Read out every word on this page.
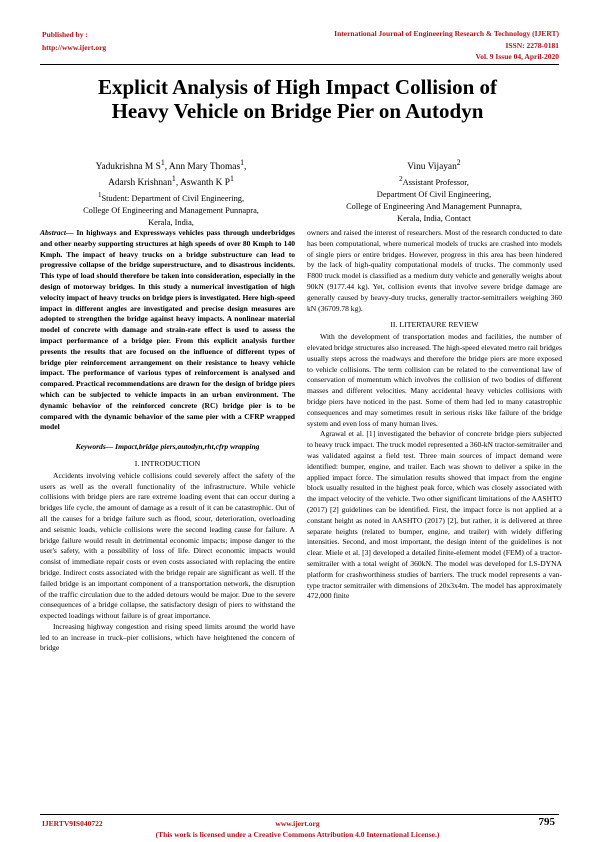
Published by :
http://www.ijert.org
International Journal of Engineering Research & Technology (IJERT)
ISSN: 2278-0181
Vol. 9 Issue 04, April-2020
Explicit Analysis of High Impact Collision of
Heavy Vehicle on Bridge Pier on Autodyn
Yadukrishna M $S^1$, Ann Mary Thomas$^1$,
Adarsh Krishnan$^1$, Aswanth K $P^1$
$^1$Student: Department of Civil Engineering,
College Of Engineering and Management Punnapra,
Kerala, India,
Vinu Vijayan$^2$
$^2$Assistant Professor,
Department Of Civil Engineering,
College of Engineering And Management Punnapra,
Kerala, India, Contact

Abstract— In highways and Expressways vehicles pass through underbridges and other nearby supporting structures at high speeds of over 80 Kmph to 140 Kmph. The impact of heavy trucks on a bridge substructure can lead to progressive collapse of the bridge superstructure, and to disastrous incidents. This type of load should therefore be taken into consideration, especially in the design of motorway bridges. In this study a numerical investigation of high velocity impact of heavy trucks on bridge piers is investigated. Here high-speed impact in different angles are investigated and precise design measures are adopted to strengthen the bridge against heavy impacts. A nonlinear material model of concrete with damage and strain-rate effect is used to assess the impact performance of a bridge pier. From this explicit analysis further presents the results that are focused on the influence of different types of bridge pier reinforcement arrangement on their resistance to heavy vehicle impact. The performance of various types of reinforcement is analysed and compared. Practical recommendations are drawn for the design of bridge piers which can be subjected to vehicle impacts in an urban environment. The dynamic behavior of the reinforced concrete (RC) bridge pier is to be compared with the dynamic behavior of the same pier with a CFRP wrapped model

Keywords— Impact,bridge piers,autodyn,rht,cfrp wrapping

I. INTRODUCTION

Accidents involving vehicle collisions could severely affect the safety of the users as well as the overall functionality of the infrastructure. While vehicle collisions with bridge piers are rare extreme loading event that can occur during a bridges life cycle, the amount of damage as a result of it can be catastrophic. Out of all the causes for a bridge failure such as flood, scour, deterioration, overloading and seismic loads, vehicle collisions were the second leading cause for failure. A bridge failure would result in detrimental economic impacts; impose danger to the user's safety, with a possibility of loss of life. Direct economic impacts would consist of immediate repair costs or even costs associated with replacing the entire bridge. Indirect costs associated with the bridge repair are significant as well. If the failed bridge is an important component of a transportation network, the disruption of the traffic circulation due to the added detours would be major. Due to the severe consequences of a bridge collapse, the satisfactory design of piers to withstand the expected loadings without failure is of great importance.

Increasing highway congestion and rising speed limits around the world have led to an increase in truck–pier collisions, which have heightened the concern of bridge

owners and raised the interest of researchers. Most of the research conducted to date has been computational, where numerical models of trucks are crashed into models of single piers or entire bridges. However, progress in this area has been hindered by the lack of high-quality computational models of trucks. The commonly used F800 truck model is classified as a medium duty vehicle and generally weighs about 90kN (9177.44 kg). Yet, collision events that involve severe bridge damage are generally caused by heavy-duty trucks, generally tractor-semitrailers weighing 360 kN (36709.78 kg).

II. LITERTAURE REVIEW

With the development of transportation modes and facilities, the number of elevated bridge structures also increased. The high-speed elevated metro rail bridges usually steps across the roadways and therefore the bridge piers are more exposed to vehicle collisions. The term collision can be related to the conventional law of conservation of momentum which involves the collision of two bodies of different masses and different velocities. Many accidental heavy vehicles collisions with bridge piers have noticed in the past. Some of them had led to many catastrophic consequences and may sometimes result in serious risks like failure of the bridge system and even loss of many human lives.

Agrawal et al. [1] investigated the behavior of concrete bridge piers subjected to heavy truck impact. The truck model represented a 360-kN tractor-semitrailer and was validated against a field test. Three main sources of impact demand were identified: bumper, engine, and trailer. Each was shown to deliver a spike in the applied impact force. The simulation results showed that impact from the engine block usually resulted in the highest peak force, which was closely associated with the impact velocity of the vehicle. Two other significant limitations of the AASHTO (2017) [2] guidelines can be identified. First, the impact force is not applied at a constant height as noted in AASHTO (2017) [2], but rather, it is delivered at three separate heights (related to bumper, engine, and trailer) with widely differing intensities. Second, and most important, the design intent of the guidelines is not clear. Miele et al. [3] developed a detailed finite-element model (FEM) of a tractor-semitrailer with a total weight of 360kN. The model was developed for LS-DYNA platform for crashworthiness studies of barriers. The truck model represents a van-type tractor semitrailer with dimensions of 20x3x4m. The model has approximately 472,000 finite

IJERTV9IS040722	www.ijert.org
(This work is licensed under a Creative Commons Attribution 4.0 International License.)
795
